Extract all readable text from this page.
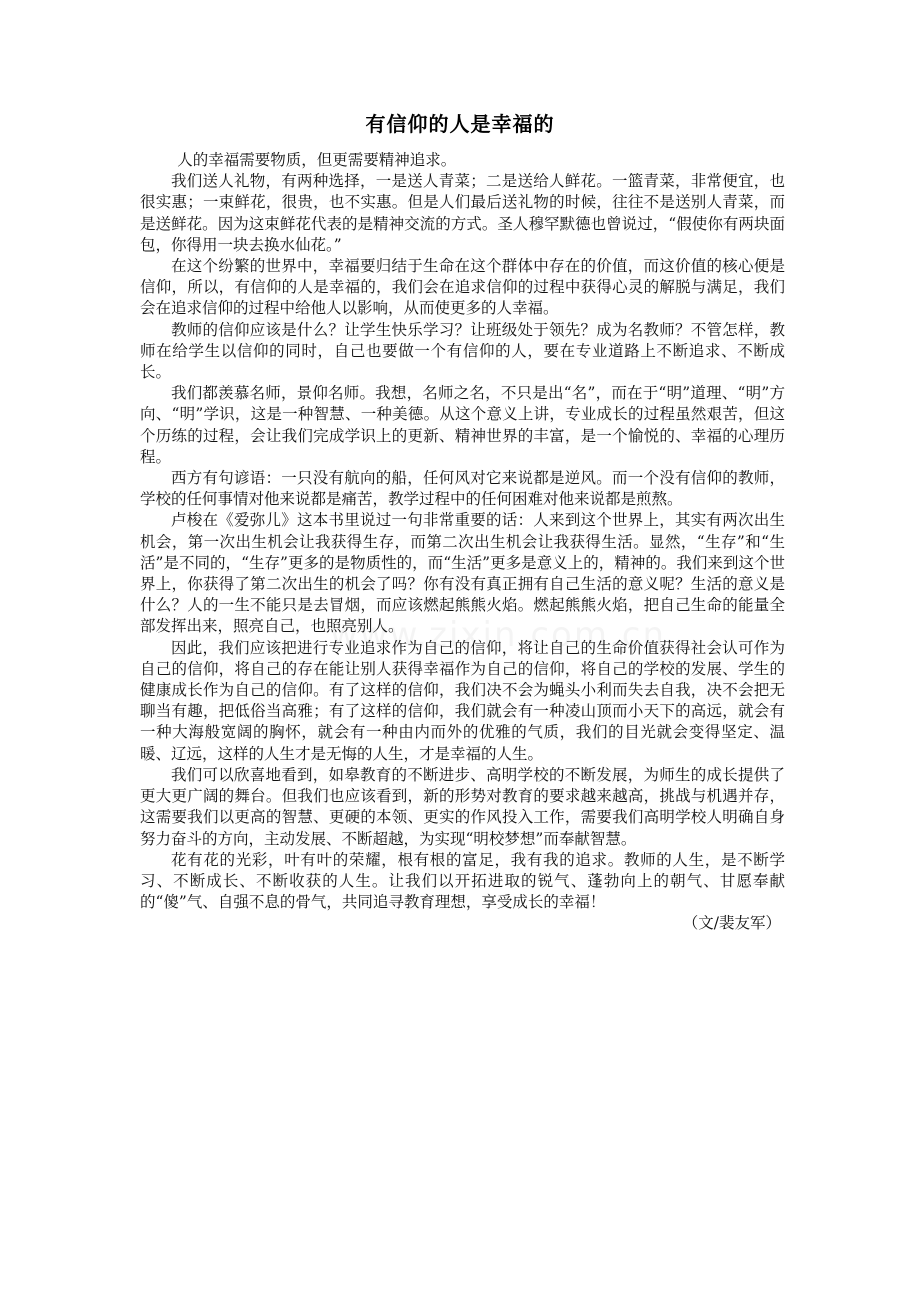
有信仰的人是幸福的

人的幸福需要物质，但更需要精神追求。

我们送人礼物，有两种选择，一是送人青菜；二是送给人鲜花。一篮青菜，非常便宜，也很实惠；一束鲜花，很贵，也不实惠。但是人们最后送礼物的时候，往往不是送别人青菜，而是送鲜花。因为这束鲜花代表的是精神交流的方式。圣人穆罕默德也曾说过，“假使你有两块面包，你得用一块去换水仙花。”

在这个纷繁的世界中，幸福要归结于生命在这个群体中存在的价值，而这价值的核心便是信仰，所以，有信仰的人是幸福的，我们会在追求信仰的过程中获得心灵的解脱与满足，我们会在追求信仰的过程中给他人以影响，从而使更多的人幸福。

教师的信仰应该是什么？让学生快乐学习？让班级处于领先？成为名教师？不管怎样，教师在给学生以信仰的同时，自己也要做一个有信仰的人，要在专业道路上不断追求、不断成长。

我们都羡慕名师，景仰名师。我想，名师之名，不只是出“名”，而在于“明”道理、“明”方向、“明”学识，这是一种智慧、一种美德。从这个意义上讲，专业成长的过程虽然艰苦，但这个历练的过程，会让我们完成学识上的更新、精神世界的丰富，是一个愉悦的、幸福的心理历程。

西方有句谚语：一只没有航向的船，任何风对它来说都是逆风。而一个没有信仰的教师，学校的任何事情对他来说都是痛苦，教学过程中的任何困难对他来说都是煎熬。

卢梭在《爱弥儿》这本书里说过一句非常重要的话：人来到这个世界上，其实有两次出生机会，第一次出生机会让我获得生存，而第二次出生机会让我获得生活。显然，“生存”和“生活”是不同的，“生存”更多的是物质性的，而“生活”更多是意义上的，精神的。我们来到这个世界上，你获得了第二次出生的机会了吗？你有没有真正拥有自己生活的意义呢？生活的意义是什么？人的一生不能只是去冒烟，而应该燃起熊熊火焰。燃起熊熊火焰，把自己生命的能量全部发挥出来，照亮自己，也照亮别人。

因此，我们应该把进行专业追求作为自己的信仰，将让自己的生命价值获得社会认可作为自己的信仰，将自己的存在能让别人获得幸福作为自己的信仰，将自己的学校的发展、学生的健康成长作为自己的信仰。有了这样的信仰，我们决不会为蝇头小利而失去自我，决不会把无聊当有趣，把低俗当高雅；有了这样的信仰，我们就会有一种凌山顶而小天下的高远，就会有一种大海般宽阔的胸怀，就会有一种由内而外的优雅的气质，我们的目光就会变得坚定、温暖、辽远，这样的人生才是无悔的人生，才是幸福的人生。

我们可以欣喜地看到，如皋教育的不断进步、高明学校的不断发展，为师生的成长提供了更大更广阔的舞台。但我们也应该看到，新的形势对教育的要求越来越高，挑战与机遇并存，这需要我们以更高的智慧、更硬的本领、更实的作风投入工作，需要我们高明学校人明确自身努力奋斗的方向，主动发展、不断超越，为实现“明校梦想”而奉献智慧。

花有花的光彩，叶有叶的荣耀，根有根的富足，我有我的追求。教师的人生，是不断学习、不断成长、不断收获的人生。让我们以开拓进取的锐气、蓬勃向上的朝气、甘愿奉献的“傻”气、自强不息的骨气，共同追寻教育理想，享受成长的幸福！

（文/裴友军）
